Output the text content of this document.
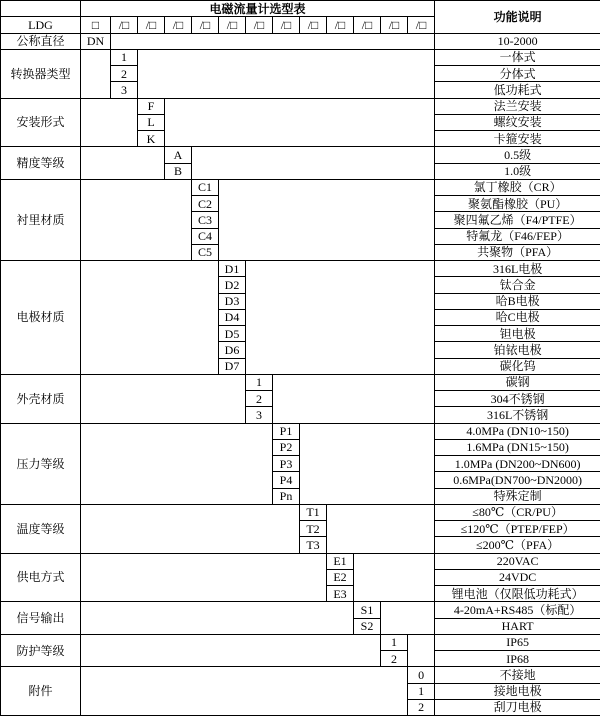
	电磁流量计选型表													功能说明
LDG	□	/□	/□	/□	/□	/□	/□	/□	/□	/□	/□	/□	/□	
公称直径	DN													10-2000
转换器类型		1												一体式
		2												分体式
		3												低功耗式
安装形式			F											法兰安装
			L											螺纹安装
			K											卡箍安装
精度等级				A										0.5级
				B										1.0级
衬里材质					C1									氯丁橡胶（CR）
					C2									聚氨酯橡胶（PU）
					C3									聚四氟乙烯（F4/PTFE）
					C4									特氟龙（F46/FEP）
					C5									共聚物（PFA）
电极材质						D1								316L电极
						D2								钛合金
						D3								哈B电极
						D4								哈C电极
						D5								钽电极
						D6								铂铱电极
						D7								碳化钨
外壳材质							1							碳钢
							2							304不锈钢
							3							316L不锈钢
压力等级								P1						4.0MPa (DN10~150)
								P2						1.6MPa (DN15~150)
								P3						1.0MPa (DN200~DN600)
								P4						0.6MPa(DN700~DN2000)
								Pn						特殊定制
温度等级									T1					≤80℃（CR/PU）
									T2					≤120℃（PTEP/FEP）
									T3					≤200℃（PFA）
供电方式										E1				220VAC
										E2				24VDC
										E3				锂电池（仅限低功耗式）
信号输出											S1			4-20mA+RS485（标配）
											S2			HART
防护等级												1		IP65
												2		IP68
附件													0	不接地
													1	接地电极
													2	刮刀电极
